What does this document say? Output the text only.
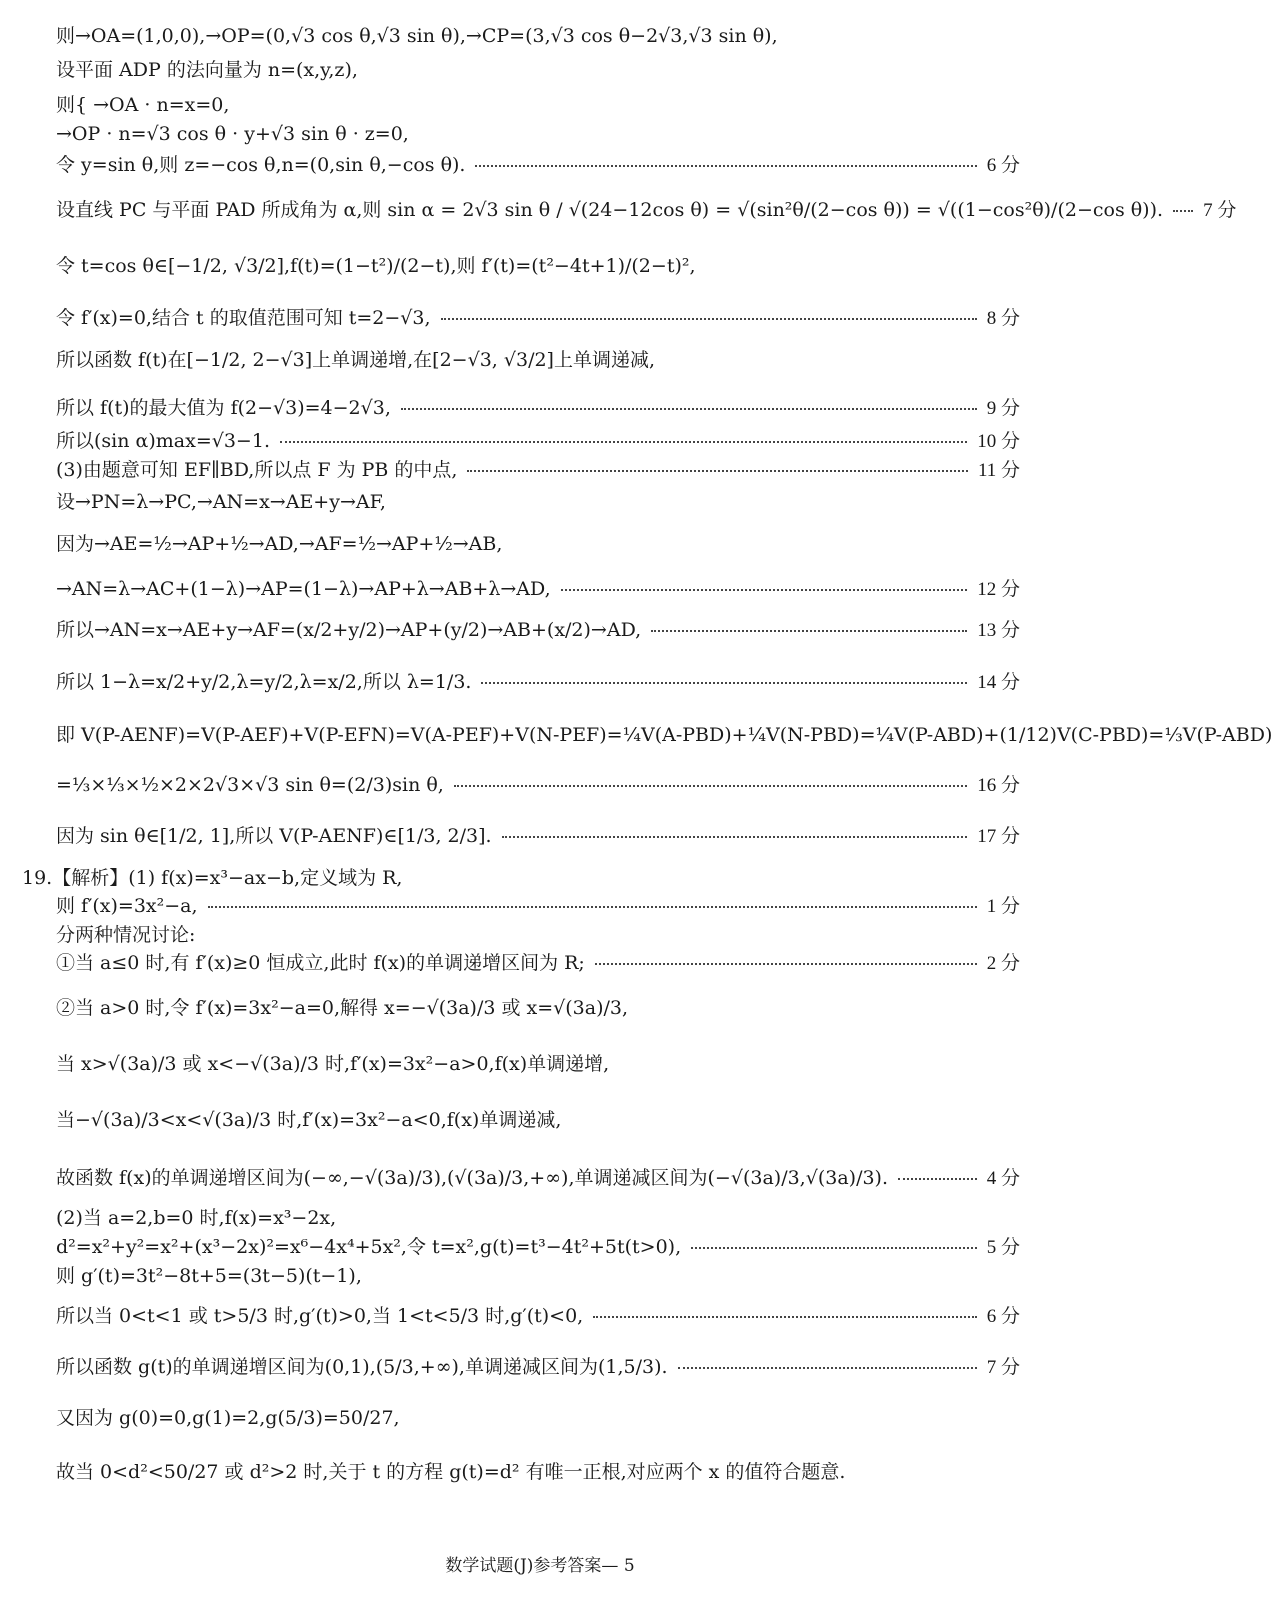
则→OA=(1,0,0),→OP=(0,√3 cos θ,√3 sin θ),→CP=(3,√3 cos θ−2√3,√3 sin θ),
设平面 ADP 的法向量为 n=(x,y,z),
则{ →OA · n=x=0,
→OP · n=√3 cos θ · y+√3 sin θ · z=0,
令 y=sin θ,则 z=−cos θ,n=(0,sin θ,−cos θ).	6 分
设直线 PC 与平面 PAD 所成角为 α,则 sin α = 2√3 sin θ / √(24−12cos θ) = √(sin²θ/(2−cos θ)) = √((1−cos²θ)/(2−cos θ)). 7 分
令 t=cos θ∈[−1/2, √3/2],f(t)=(1−t²)/(2−t),则 f′(t)=(t²−4t+1)/(2−t)²,
令 f′(x)=0,结合 t 的取值范围可知 t=2−√3,	8 分
所以函数 f(t)在[−1/2, 2−√3]上单调递增,在[2−√3, √3/2]上单调递减,
所以 f(t)的最大值为 f(2−√3)=4−2√3,	9 分
所以(sin α)max=√3−1.	10 分
(3)由题意可知 EF∥BD,所以点 F 为 PB 的中点,	11 分
设→PN=λ→PC,→AN=x→AE+y→AF,
因为→AE=½→AP+½→AD,→AF=½→AP+½→AB,
→AN=λ→AC+(1−λ)→AP=(1−λ)→AP+λ→AB+λ→AD,	12 分
所以→AN=x→AE+y→AF=(x/2+y/2)→AP+(y/2)→AB+(x/2)→AD,	13 分
所以 1−λ=x/2+y/2,λ=y/2,λ=x/2,所以 λ=1/3.	14 分
即 V(P-AENF)=V(P-AEF)+V(P-EFN)=V(A-PEF)+V(N-PEF)=¼V(A-PBD)+¼V(N-PBD)=¼V(P-ABD)+(1/12)V(C-PBD)=⅓V(P-ABD)
=⅓×⅓×½×2×2√3×√3 sin θ=(2/3)sin θ,	16 分
因为 sin θ∈[1/2, 1],所以 V(P-AENF)∈[1/3, 2/3].	17 分
19.【解析】(1) f(x)=x³−ax−b,定义域为 R,
则 f′(x)=3x²−a,	1 分
分两种情况讨论:
①当 a≤0 时,有 f′(x)≥0 恒成立,此时 f(x)的单调递增区间为 R;	2 分
②当 a>0 时,令 f′(x)=3x²−a=0,解得 x=−√(3a)/3 或 x=√(3a)/3,
当 x>√(3a)/3 或 x<−√(3a)/3 时,f′(x)=3x²−a>0,f(x)单调递增,
当−√(3a)/3<x<√(3a)/3 时,f′(x)=3x²−a<0,f(x)单调递减,
故函数 f(x)的单调递增区间为(−∞,−√(3a)/3),(√(3a)/3,+∞),单调递减区间为(−√(3a)/3,√(3a)/3).	4 分
(2)当 a=2,b=0 时,f(x)=x³−2x,
d²=x²+y²=x²+(x³−2x)²=x⁶−4x⁴+5x²,令 t=x²,g(t)=t³−4t²+5t(t>0),	5 分
则 g′(t)=3t²−8t+5=(3t−5)(t−1),
所以当 0<t<1 或 t>5/3 时,g′(t)>0,当 1<t<5/3 时,g′(t)<0,	6 分
所以函数 g(t)的单调递增区间为(0,1),(5/3,+∞),单调递减区间为(1,5/3).	7 分
又因为 g(0)=0,g(1)=2,g(5/3)=50/27,
故当 0<d²<50/27 或 d²>2 时,关于 t 的方程 g(t)=d² 有唯一正根,对应两个 x 的值符合题意.
数学试题(J)参考答案— 5
